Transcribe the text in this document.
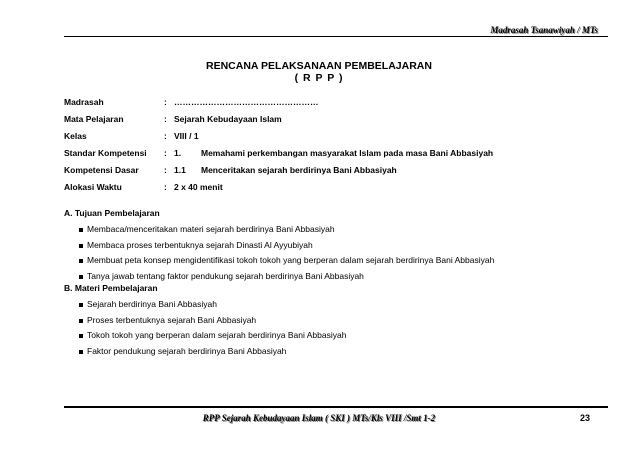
Madrasah Tsanawiyah / MTs
RENCANA PELAKSANAAN PEMBELAJARAN
( R P P )
Madrasah	: ……………………………………………
Mata Pelajaran	: Sejarah Kebudayaan Islam
Kelas	: VIII / 1
Standar Kompetensi	: 1.	Memahami perkembangan masyarakat Islam pada masa Bani Abbasiyah
Kompetensi Dasar	: 1.1	Menceritakan sejarah berdirinya Bani Abbasiyah
Alokasi Waktu	: 2 x 40 menit
A. Tujuan Pembelajaran
Membaca/menceritakan materi sejarah berdirinya Bani Abbasiyah
Membaca proses terbentuknya sejarah Dinasti Al Ayyubiyah
Membuat peta konsep mengidentifikasi tokoh tokoh yang berperan dalam sejarah berdirinya Bani Abbasiyah
Tanya jawab tentang faktor pendukung sejarah berdirinya Bani Abbasiyah
B. Materi Pembelajaran
Sejarah berdirinya Bani Abbasiyah
Proses terbentuknya sejarah Bani Abbasiyah
Tokoh tokoh yang berperan dalam sejarah berdirinya Bani Abbasiyah
Faktor pendukung sejarah berdirinya Bani Abbasiyah
RPP Sejarah Kebudayaan Islam ( SKI ) MTs/Kls VIII /Smt 1-2	23
